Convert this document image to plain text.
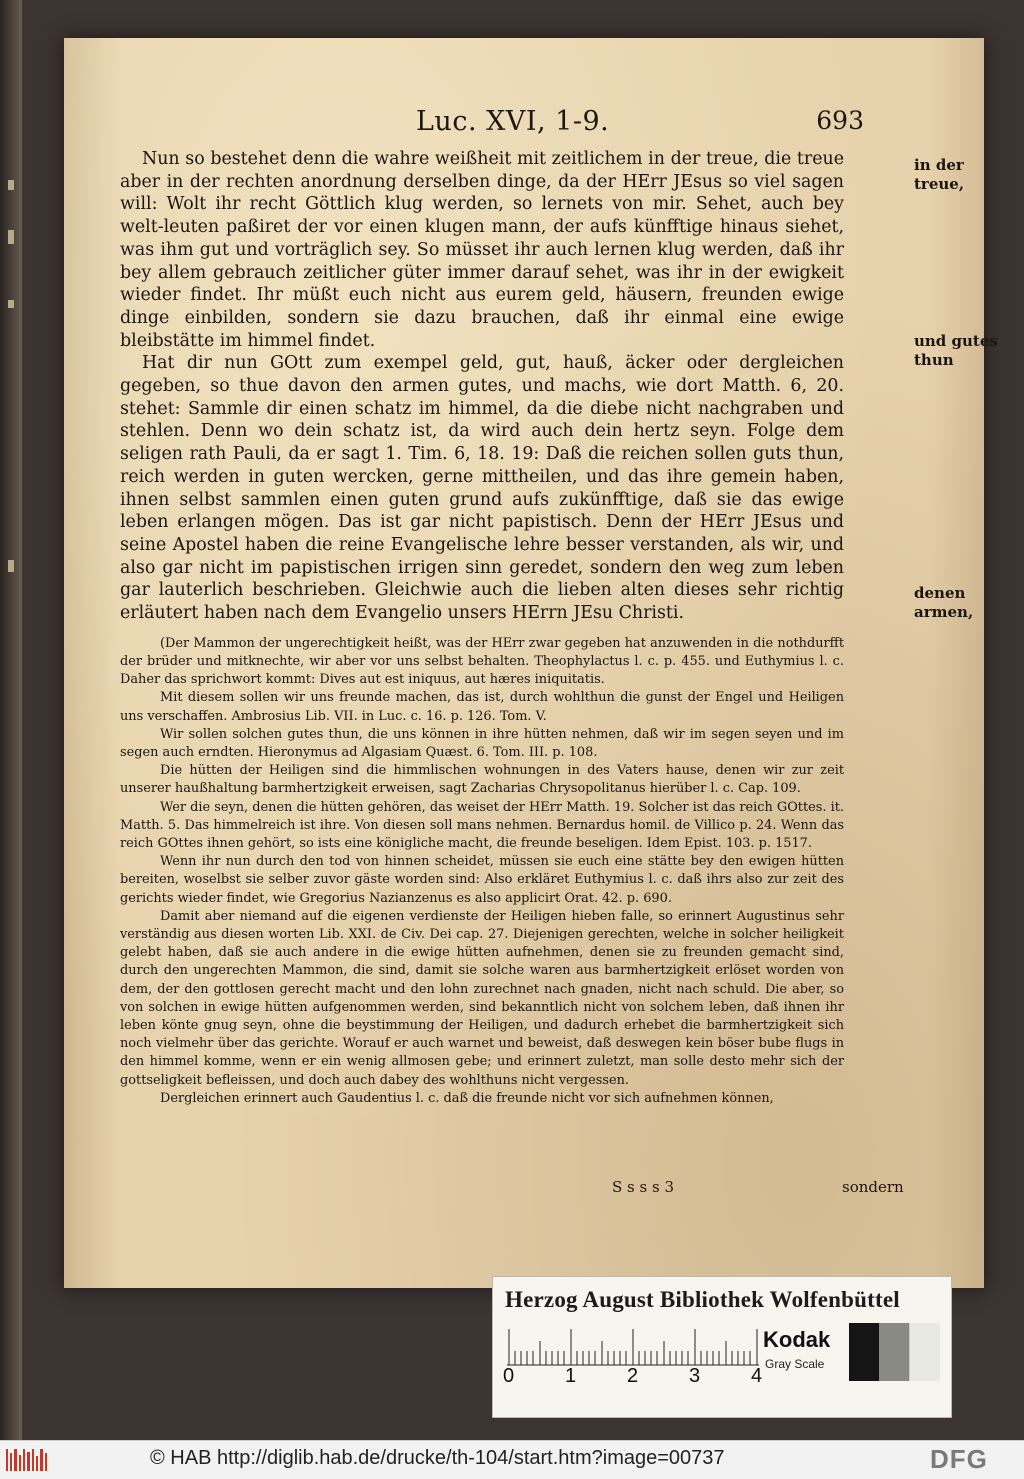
Luc. XVI, 1-9.	693
in der treue,
und gutes thun
denen armen,
S s s s 3	sondern

Nun so bestehet denn die wahre weißheit mit zeitlichem in der treue, die treue aber in der rechten anordnung derselben dinge, da der HErr JEsus so viel sagen will: Wolt ihr recht Göttlich klug werden, so lernets von mir. Sehet, auch bey welt-leuten paßiret der vor einen klugen mann, der aufs künfftige hinaus siehet, was ihm gut und vorträglich sey. So müsset ihr auch lernen klug werden, daß ihr bey allem gebrauch zeitlicher güter immer darauf sehet, was ihr in der ewigkeit wieder findet. Ihr müßt euch nicht aus eurem geld, häusern, freunden ewige dinge einbilden, sondern sie dazu brauchen, daß ihr einmal eine ewige bleibstätte im himmel findet.

Hat dir nun GOtt zum exempel geld, gut, hauß, äcker oder dergleichen gegeben, so thue davon den armen gutes, und machs, wie dort Matth. 6, 20. stehet: Sammle dir einen schatz im himmel, da die diebe nicht nachgraben und stehlen. Denn wo dein schatz ist, da wird auch dein hertz seyn. Folge dem seligen rath Pauli, da er sagt 1. Tim. 6, 18. 19: Daß die reichen sollen guts thun, reich werden in guten wercken, gerne mittheilen, und das ihre gemein haben, ihnen selbst sammlen einen guten grund aufs zukünfftige, daß sie das ewige leben erlangen mögen. Das ist gar nicht papistisch. Denn der HErr JEsus und seine Apostel haben die reine Evangelische lehre besser verstanden, als wir, und also gar nicht im papistischen irrigen sinn geredet, sondern den weg zum leben gar lauterlich beschrieben. Gleichwie auch die lieben alten dieses sehr richtig erläutert haben nach dem Evangelio unsers HErrn JEsu Christi.

(Der Mammon der ungerechtigkeit heißt, was der HErr zwar gegeben hat anzuwenden in die nothdurfft der brüder und mitknechte, wir aber vor uns selbst behalten. Theophylactus l. c. p. 455. und Euthymius l. c. Daher das sprichwort kommt: Dives aut est iniquus, aut hæres iniquitatis.

Mit diesem sollen wir uns freunde machen, das ist, durch wohlthun die gunst der Engel und Heiligen uns verschaffen. Ambrosius Lib. VII. in Luc. c. 16. p. 126. Tom. V.

Wir sollen solchen gutes thun, die uns können in ihre hütten nehmen, daß wir im segen seyen und im segen auch erndten. Hieronymus ad Algasiam Quæst. 6. Tom. III. p. 108.

Die hütten der Heiligen sind die himmlischen wohnungen in des Vaters hause, denen wir zur zeit unserer haußhaltung barmhertzigkeit erweisen, sagt Zacharias Chrysopolitanus hierüber l. c. Cap. 109.

Wer die seyn, denen die hütten gehören, das weiset der HErr Matth. 19. Solcher ist das reich GOttes. it. Matth. 5. Das himmelreich ist ihre. Von diesen soll mans nehmen. Bernardus homil. de Villico p. 24. Wenn das reich GOttes ihnen gehört, so ists eine königliche macht, die freunde beseligen. Idem Epist. 103. p. 1517.

Wenn ihr nun durch den tod von hinnen scheidet, müssen sie euch eine stätte bey den ewigen hütten bereiten, woselbst sie selber zuvor gäste worden sind: Also erkläret Euthymius l. c. daß ihrs also zur zeit des gerichts wieder findet, wie Gregorius Nazianzenus es also applicirt Orat. 42. p. 690.

Damit aber niemand auf die eigenen verdienste der Heiligen hieben falle, so erinnert Augustinus sehr verständig aus diesen worten Lib. XXI. de Civ. Dei cap. 27. Diejenigen gerechten, welche in solcher heiligkeit gelebt haben, daß sie auch andere in die ewige hütten aufnehmen, denen sie zu freunden gemacht sind, durch den ungerechten Mammon, die sind, damit sie solche waren aus barmhertzigkeit erlöset worden von dem, der den gottlosen gerecht macht und den lohn zurechnet nach gnaden, nicht nach schuld. Die aber, so von solchen in ewige hütten aufgenommen werden, sind bekanntlich nicht von solchem leben, daß ihnen ihr leben könte gnug seyn, ohne die beystimmung der Heiligen, und dadurch erhebet die barmhertzigkeit sich noch vielmehr über das gerichte. Worauf er auch warnet und beweist, daß deswegen kein böser bube flugs in den himmel komme, wenn er ein wenig allmosen gebe; und erinnert zuletzt, man solle desto mehr sich der gottseligkeit befleissen, und doch auch dabey des wohlthuns nicht vergessen.

Dergleichen erinnert auch Gaudentius l. c. daß die freunde nicht vor sich aufnehmen können,

Herzog August Bibliothek Wolfenbüttel
0	1	2	3	4
Kodak
Gray Scale
© HAB http://diglib.hab.de/drucke/th-104/start.htm?image=00737	DFG
